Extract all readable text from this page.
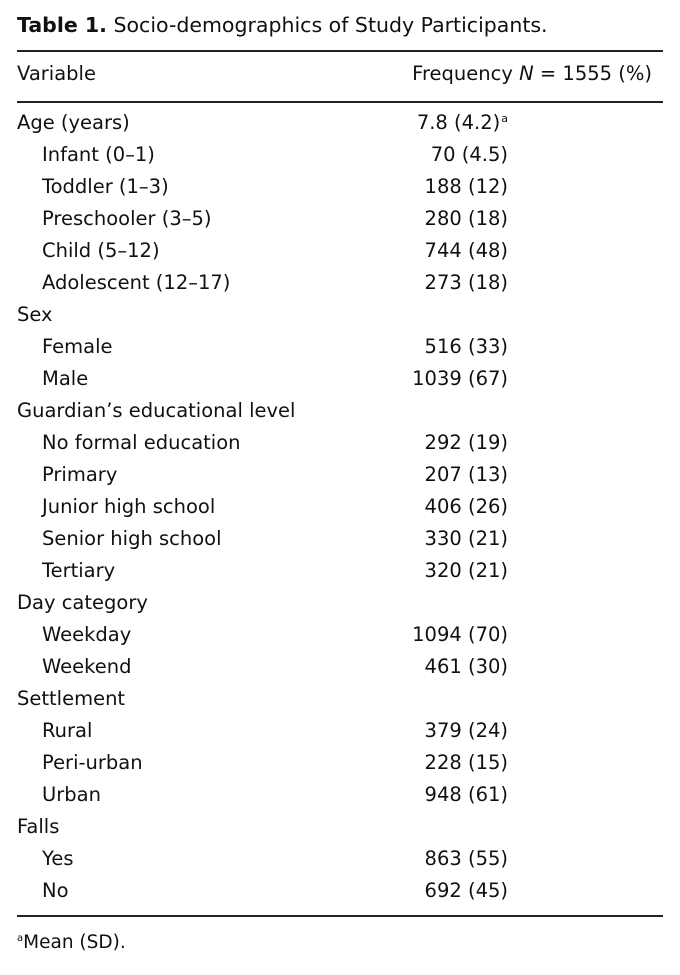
Table 1. Socio-demographics of Study Participants.
Variable	Frequency N = 1555 (%)
Age (years)	7.8 $(4.2)^a$
Infant (0–1)	70 (4.5)
Toddler (1–3)	188 (12)
Preschooler (3–5)	280 (18)
Child (5–12)	744 (48)
Adolescent (12–17)	273 (18)
Sex
Female	516 (33)
Male	1039 (67)
Guardian’s educational level
No formal education	292 (19)
Primary	207 (13)
Junior high school	406 (26)
Senior high school	330 (21)
Tertiary	320 (21)
Day category
Weekday	1094 (70)
Weekend	461 (30)
Settlement
Rural	379 (24)
Peri-urban	228 (15)
Urban	948 (61)
Falls
Yes	863 (55)
No	692 (45)
$^a$Mean (SD).
